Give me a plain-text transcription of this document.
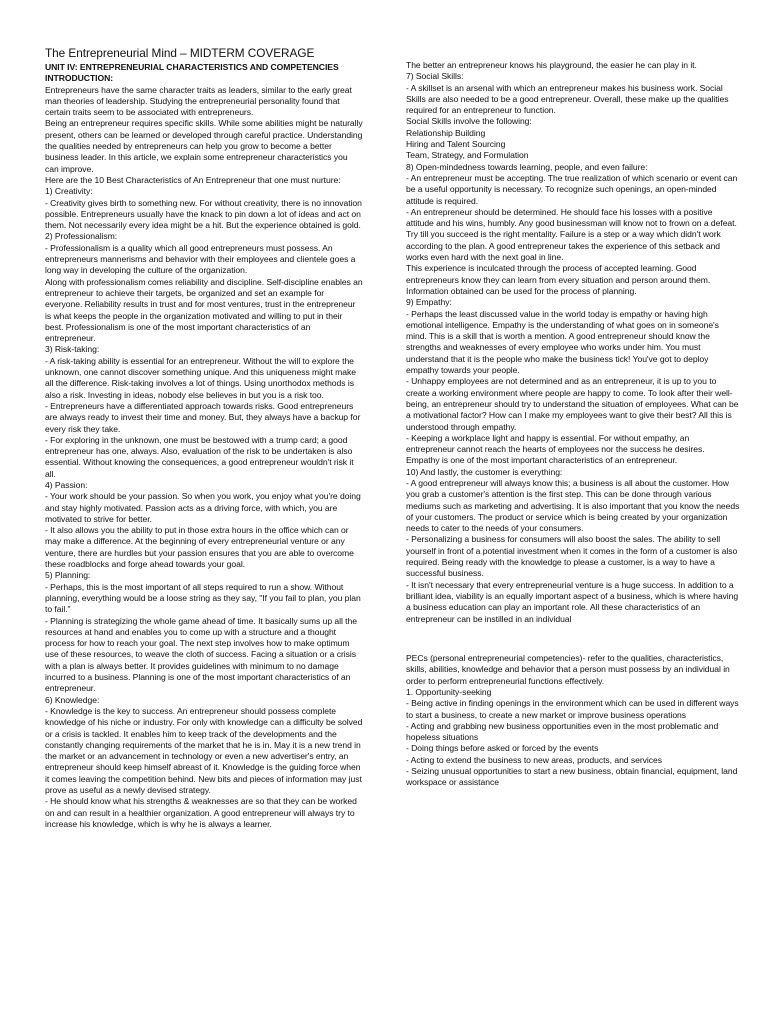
The Entrepreneurial Mind – MIDTERM COVERAGE

UNIT IV: ENTREPRENEURIAL CHARACTERISTICS AND COMPETENCIES

INTRODUCTION:

Entrepreneurs have the same character traits as leaders, similar to the early great man theories of leadership. Studying the entrepreneurial personality found that certain traits seem to be associated with entrepreneurs.

Being an entrepreneur requires specific skills. While some abilities might be naturally present, others can be learned or developed through careful practice. Understanding the qualities needed by entrepreneurs can help you grow to become a better business leader. In this article, we explain some entrepreneur characteristics you can improve.

Here are the 10 Best Characteristics of An Entrepreneur that one must nurture:

1) Creativity:

- Creativity gives birth to something new. For without creativity, there is no innovation possible. Entrepreneurs usually have the knack to pin down a lot of ideas and act on them. Not necessarily every idea might be a hit. But the experience obtained is gold.

2) Professionalism:

- Professionalism is a quality which all good entrepreneurs must possess. An entrepreneurs mannerisms and behavior with their employees and clientele goes a long way in developing the culture of the organization.

Along with professionalism comes reliability and discipline. Self-discipline enables an entrepreneur to achieve their targets, be organized and set an example for everyone. Reliability results in trust and for most ventures, trust in the entrepreneur is what keeps the people in the organization motivated and willing to put in their best. Professionalism is one of the most important characteristics of an entrepreneur.

3) Risk-taking:

- A risk-taking ability is essential for an entrepreneur. Without the will to explore the unknown, one cannot discover something unique. And this uniqueness might make all the difference. Risk-taking involves a lot of things. Using unorthodox methods is also a risk. Investing in ideas, nobody else believes in but you is a risk too.

- Entrepreneurs have a differentiated approach towards risks. Good entrepreneurs are always ready to invest their time and money. But, they always have a backup for every risk they take.

- For exploring in the unknown, one must be bestowed with a trump card; a good entrepreneur has one, always. Also, evaluation of the risk to be undertaken is also essential. Without knowing the consequences, a good entrepreneur wouldn't risk it all.

4) Passion:

- Your work should be your passion. So when you work, you enjoy what you're doing and stay highly motivated. Passion acts as a driving force, with which, you are motivated to strive for better.

- It also allows you the ability to put in those extra hours in the office which can or may make a difference. At the beginning of every entrepreneurial venture or any venture, there are hurdles but your passion ensures that you are able to overcome these roadblocks and forge ahead towards your goal.

5) Planning:

- Perhaps, this is the most important of all steps required to run a show. Without planning, everything would be a loose string as they say, "If you fail to plan, you plan to fail."

- Planning is strategizing the whole game ahead of time. It basically sums up all the resources at hand and enables you to come up with a structure and a thought process for how to reach your goal. The next step involves how to make optimum use of these resources, to weave the cloth of success. Facing a situation or a crisis with a plan is always better. It provides guidelines with minimum to no damage incurred to a business. Planning is one of the most important characteristics of an entrepreneur.

6) Knowledge:

- Knowledge is the key to success. An entrepreneur should possess complete knowledge of his niche or industry. For only with knowledge can a difficulty be solved or a crisis is tackled. It enables him to keep track of the developments and the constantly changing requirements of the market that he is in. May it is a new trend in the market or an advancement in technology or even a new advertiser's entry, an entrepreneur should keep himself abreast of it. Knowledge is the guiding force when it comes leaving the competition behind. New bits and pieces of information may just prove as useful as a newly devised strategy.

- He should know what his strengths & weaknesses are so that they can be worked on and can result in a healthier organization. A good entrepreneur will always try to increase his knowledge, which is why he is always a learner.

The better an entrepreneur knows his playground, the easier he can play in it.

7) Social Skills:

- A skillset is an arsenal with which an entrepreneur makes his business work. Social Skills are also needed to be a good entrepreneur. Overall, these make up the qualities required for an entrepreneur to function.

Social Skills involve the following:

Relationship Building

Hiring and Talent Sourcing

Team, Strategy, and Formulation

8) Open-mindedness towards learning, people, and even failure:

- An entrepreneur must be accepting. The true realization of which scenario or event can be a useful opportunity is necessary. To recognize such openings, an open-minded attitude is required.

- An entrepreneur should be determined. He should face his losses with a positive attitude and his wins, humbly. Any good businessman will know not to frown on a defeat. Try till you succeed is the right mentality. Failure is a step or a way which didn't work according to the plan. A good entrepreneur takes the experience of this setback and works even hard with the next goal in line.

This experience is inculcated through the process of accepted learning. Good entrepreneurs know they can learn from every situation and person around them. Information obtained can be used for the process of planning.

9) Empathy:

- Perhaps the least discussed value in the world today is empathy or having high emotional intelligence. Empathy is the understanding of what goes on in someone's mind. This is a skill that is worth a mention. A good entrepreneur should know the strengths and weaknesses of every employee who works under him. You must understand that it is the people who make the business tick! You've got to deploy empathy towards your people.

- Unhappy employees are not determined and as an entrepreneur, it is up to you to create a working environment where people are happy to come. To look after their well-being, an entrepreneur should try to understand the situation of employees. What can be a motivational factor? How can I make my employees want to give their best? All this is understood through empathy.

- Keeping a workplace light and happy is essential. For without empathy, an entrepreneur cannot reach the hearts of employees nor the success he desires. Empathy is one of the most important characteristics of an entrepreneur.

10) And lastly, the customer is everything:

- A good entrepreneur will always know this; a business is all about the customer. How you grab a customer's attention is the first step. This can be done through various mediums such as marketing and advertising. It is also important that you know the needs of your customers. The product or service which is being created by your organization needs to cater to the needs of your consumers.

- Personalizing a business for consumers will also boost the sales. The ability to sell yourself in front of a potential investment when it comes in the form of a customer is also required. Being ready with the knowledge to please a customer, is a way to have a successful business.

- It isn't necessary that every entrepreneurial venture is a huge success. In addition to a brilliant idea, viability is an equally important aspect of a business, which is where having a business education can play an important role. All these characteristics of an entrepreneur can be instilled in an individual

PECs (personal entrepreneurial competencies)- refer to the qualities, characteristics, skills, abilities, knowledge and behavior that a person must possess by an individual in order to perform entrepreneurial functions effectively.

1. Opportunity-seeking

- Being active in finding openings in the environment which can be used in different ways to start a business, to create a new market or improve business operations

- Acting and grabbing new business opportunities even in the most problematic and hopeless situations

- Doing things before asked or forced by the events

- Acting to extend the business to new areas, products, and services

- Seizing unusual opportunities to start a new business, obtain financial, equipment, land workspace or assistance
